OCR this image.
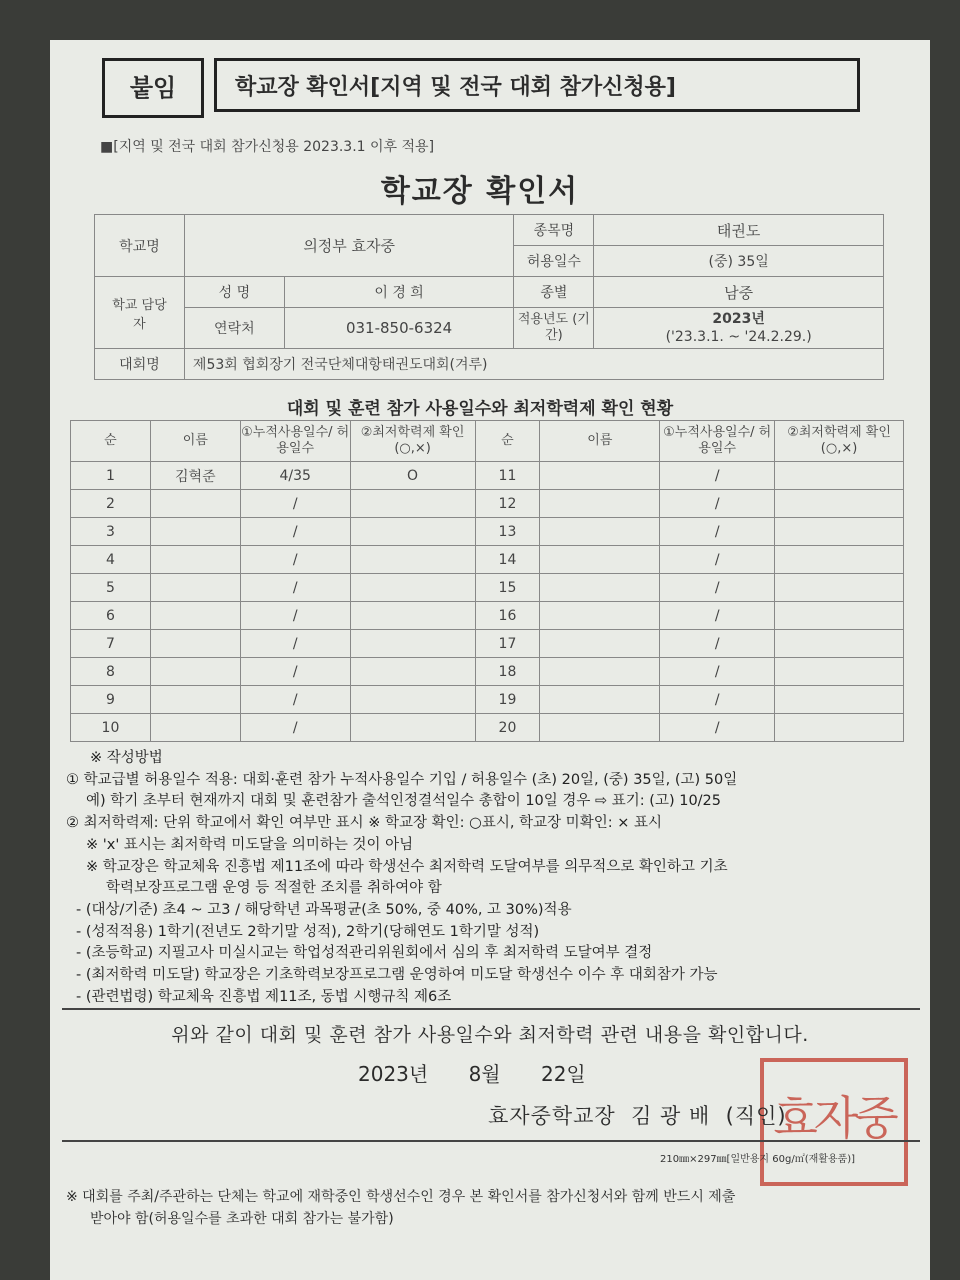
붙임	학교장 확인서[지역 및 전국 대회 참가신청용]
■[지역 및 전국 대회 참가신청용 2023.3.1 이후 적용]
학교장 확인서
학교명	의정부 효자중		종목명	태권도
			허용일수	(중) 35일
학교 담당자	성 명	이 경 희	종별	남중
	연락처	031-850-6324	적용년도 (기간)	2023년
('23.3.1. ~ '24.2.29.)

대회명	제53회 협회장기 전국단체대항태권도대회(겨루)			
대회 및 훈련 참가 사용일수와 최저학력제 확인 현황
순	이름	①누적사용일수/ 허용일수	②최저학력제 확인(○,×)	순	이름	①누적사용일수/ 허용일수	②최저학력제 확인(○,×)
1	김혁준	4/35	O	11		/	
2		/		12		/	
3		/		13		/	
4		/		14		/	
5		/		15		/	
6		/		16		/	
7		/		17		/	
8		/		18		/	
9		/		19		/	
10		/		20		/	
※ 작성방법
① 학교급별 허용일수 적용: 대회·훈련 참가 누적사용일수 기입 / 허용일수 (초) 20일, (중) 35일, (고) 50일
예) 학기 초부터 현재까지 대회 및 훈련참가 출석인정결석일수 총합이 10일 경우 ⇨ 표기: (고) 10/25
② 최저학력제: 단위 학교에서 확인 여부만 표시 ※ 학교장 확인: ○표시, 학교장 미확인: × 표시
※ 'x' 표시는 최저학력 미도달을 의미하는 것이 아님
※ 학교장은 학교체육 진흥법 제11조에 따라 학생선수 최저학력 도달여부를 의무적으로 확인하고 기초
학력보장프로그램 운영 등 적절한 조치를 취하여야 함
- (대상/기준) 초4 ~ 고3 / 해당학년 과목평균(초 50%, 중 40%, 고 30%)적용
- (성적적용) 1학기(전년도 2학기말 성적), 2학기(당해연도 1학기말 성적)
- (초등학교) 지필고사 미실시교는 학업성적관리위원회에서 심의 후 최저학력 도달여부 결정
- (최저학력 미도달) 학교장은 기초학력보장프로그램 운영하여 미도달 학생선수 이수 후 대회참가 가능
- (관련법령) 학교체육 진흥법 제11조, 동법 시행규칙 제6조
위와 같이 대회 및 훈련 참가 사용일수와 최저학력 관련 내용을 확인합니다.
2023년 8월 22일
효자중
효자중학교장  김 광 배  (직인)
210㎜×297㎜[일반용지 60g/㎡(재활용품)]
※ 대회를 주최/주관하는 단체는 학교에 재학중인 학생선수인 경우 본 확인서를 참가신청서와 함께 반드시 제출
받아야 함(허용일수를 초과한 대회 참가는 불가함)
